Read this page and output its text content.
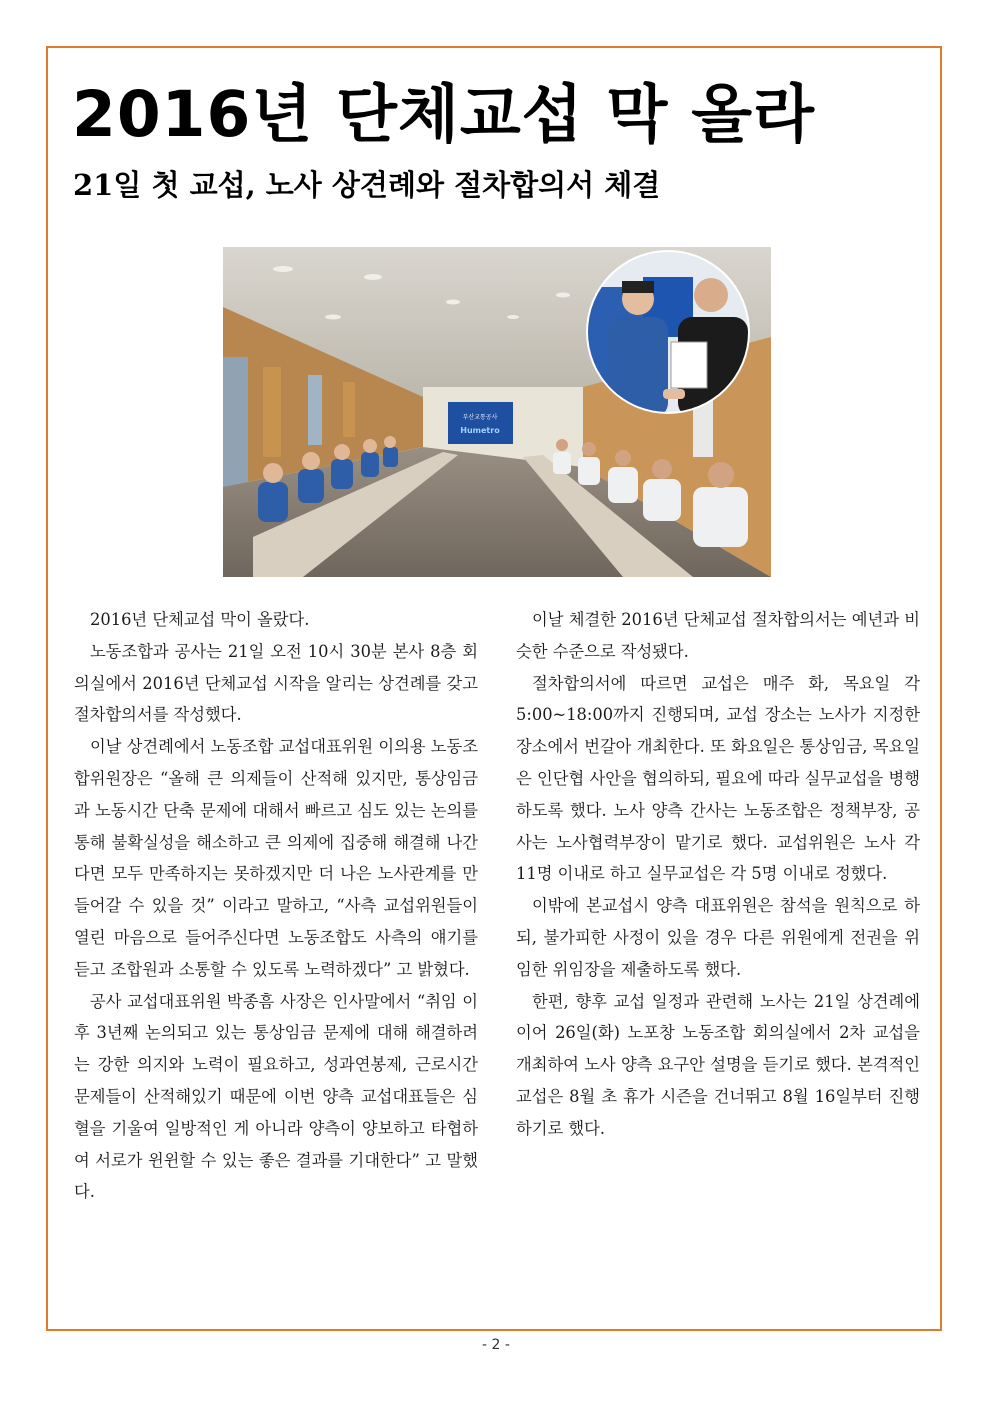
2016년 단체교섭 막 올라
21일 첫 교섭, 노사 상견례와 절차합의서 체결
부산교통공사
Humetro

2016년 단체교섭 막이 올랐다.

노동조합과 공사는 21일 오전 10시 30분 본사 8층 회의실에서 2016년 단체교섭 시작을 알리는 상견례를 갖고 절차합의서를 작성했다.

이날 상견례에서 노동조합 교섭대표위원 이의용 노동조합위원장은 “올해 큰 의제들이 산적해 있지만, 통상임금과 노동시간 단축 문제에 대해서 빠르고 심도 있는 논의를 통해 불확실성을 해소하고 큰 의제에 집중해 해결해 나간다면 모두 만족하지는 못하겠지만 더 나은 노사관계를 만들어갈 수 있을 것” 이라고 말하고, “사측 교섭위원들이 열린 마음으로 들어주신다면 노동조합도 사측의 얘기를 듣고 조합원과 소통할 수 있도록 노력하겠다” 고 밝혔다.

공사 교섭대표위원 박종흠 사장은 인사말에서 “취임 이후 3년째 논의되고 있는 통상임금 문제에 대해 해결하려는 강한 의지와 노력이 필요하고, 성과연봉제, 근로시간 문제들이 산적해있기 때문에 이번 양측 교섭대표들은 심혈을 기울여 일방적인 게 아니라 양측이 양보하고 타협하여 서로가 윈윈할 수 있는 좋은 결과를 기대한다” 고 말했다.

이날 체결한 2016년 단체교섭 절차합의서는 예년과 비슷한 수준으로 작성됐다.

절차합의서에 따르면 교섭은 매주 화, 목요일 각5:00~18:00까지 진행되며, 교섭 장소는 노사가 지정한 장소에서 번갈아 개최한다. 또 화요일은 통상임금, 목요일은 인단협 사안을 협의하되, 필요에 따라 실무교섭을 병행하도록 했다. 노사 양측 간사는 노동조합은 정책부장, 공사는 노사협력부장이 맡기로 했다. 교섭위원은 노사 각 11명 이내로 하고 실무교섭은 각 5명 이내로 정했다.

이밖에 본교섭시 양측 대표위원은 참석을 원칙으로 하되, 불가피한 사정이 있을 경우 다른 위원에게 전권을 위임한 위임장을 제출하도록 했다.

한편, 향후 교섭 일정과 관련해 노사는 21일 상견례에 이어 26일(화) 노포창 노동조합 회의실에서 2차 교섭을 개최하여 노사 양측 요구안 설명을 듣기로 했다. 본격적인 교섭은 8월 초 휴가 시즌을 건너뛰고 8월 16일부터 진행하기로 했다.

- 2 -
